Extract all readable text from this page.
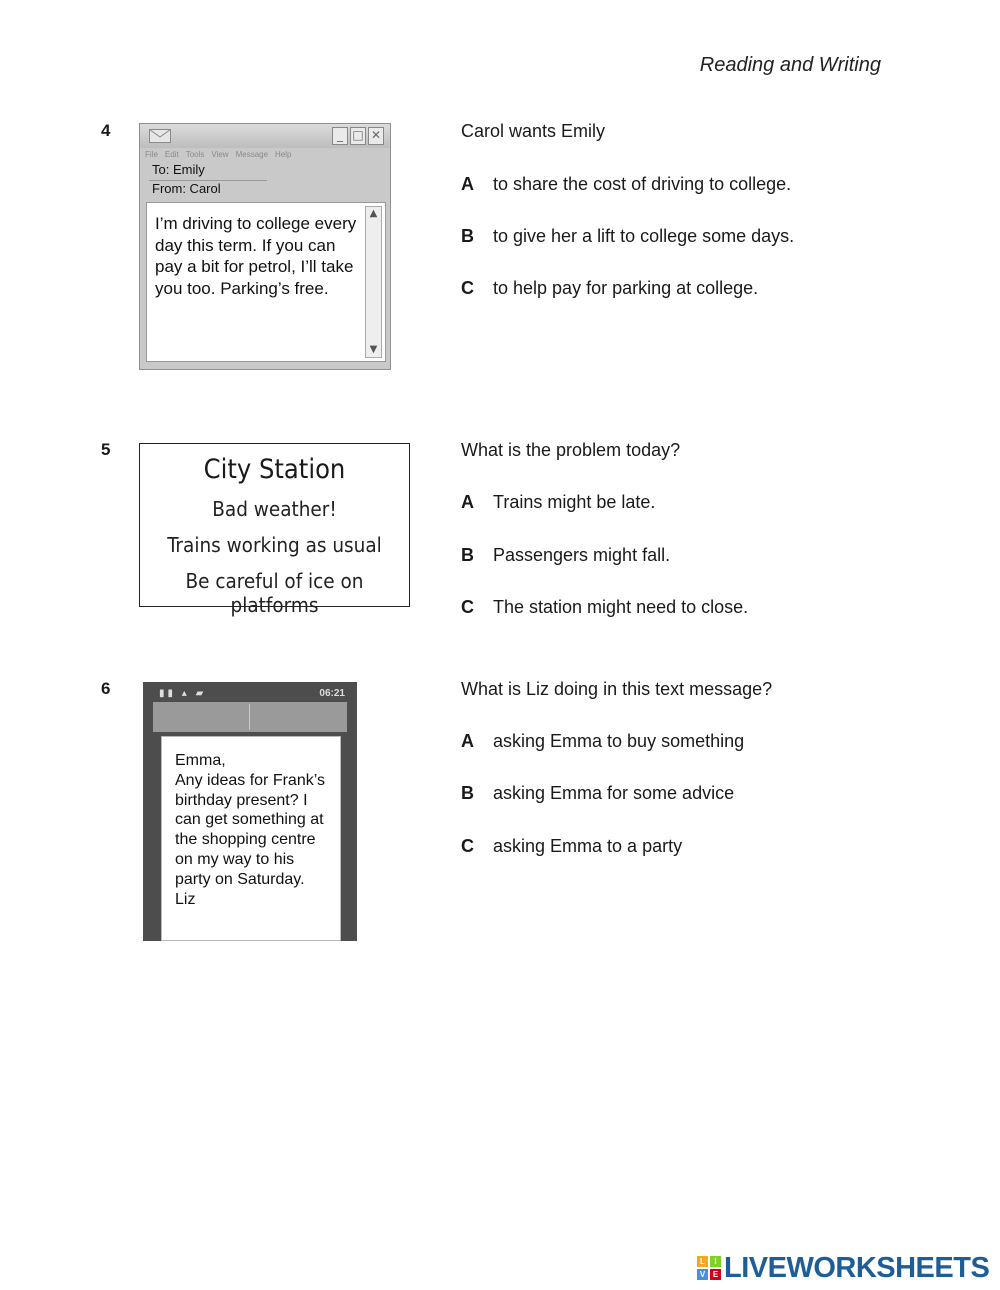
Reading and Writing
4	_ □ ✕
File Edit Tools View Message Help
To: Emily
From: Carol
I’m driving to college every day this term. If you can pay a bit for petrol, I’ll take you too. Parking’s free.
▲
▼
Carol wants Emily
A to share the cost of driving to college.
B to give her a lift to college some days.
C to help pay for parking at college.
5
City Station
Bad weather!
Trains working as usual
Be careful of ice on platforms
What is the problem today?
A Trains might be late.
B Passengers might fall.
C The station might need to close.
6	▮▮ ▴ ▰	06:21
Emma,
Any ideas for Frank’s
birthday present? I
can get something at
the shopping centre
on my way to his
party on Saturday.
Liz
What is Liz doing in this text message?
A asking Emma to buy something
B asking Emma for some advice
C asking Emma to a party
L	I
V E LIVEWORKSHEETS
